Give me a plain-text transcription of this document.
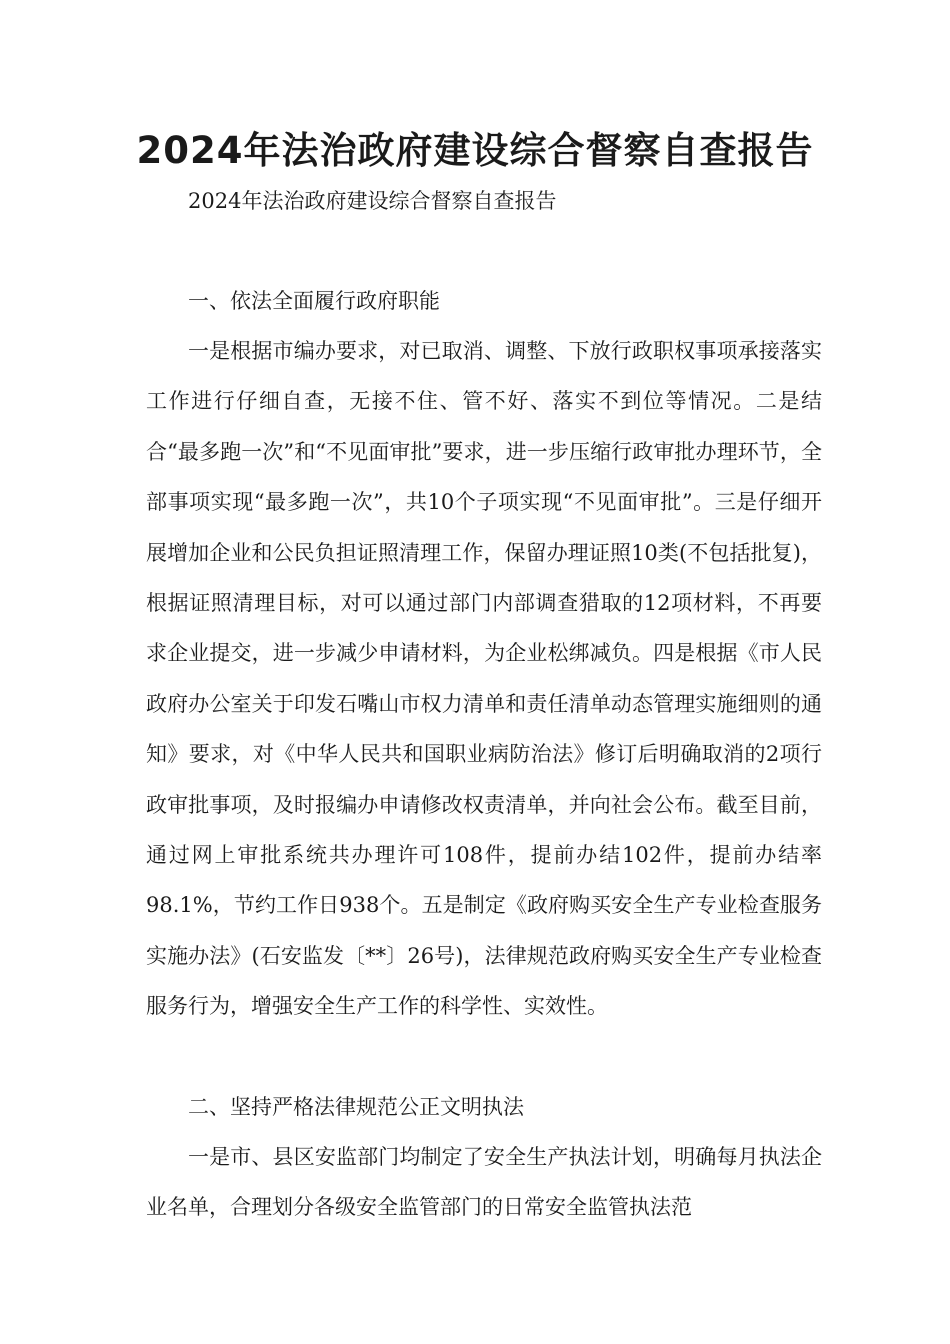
2024年法治政府建设综合督察自查报告

2024年法治政府建设综合督察自查报告

一、依法全面履行政府职能

一是根据市编办要求，对已取消、调整、下放行政职权事项承接落实工作进行仔细自查，无接不住、管不好、落实不到位等情况。二是结合“最多跑一次”和“不见面审批”要求，进一步压缩行政审批办理环节，全部事项实现“最多跑一次”，共10个子项实现“不见面审批”。三是仔细开展增加企业和公民负担证照清理工作，保留办理证照10类(不包括批复)，根据证照清理目标，对可以通过部门内部调查猎取的12项材料，不再要求企业提交，进一步减少申请材料，为企业松绑减负。四是根据《市人民政府办公室关于印发石嘴山市权力清单和责任清单动态管理实施细则的通知》要求，对《中华人民共和国职业病防治法》修订后明确取消的2项行政审批事项，及时报编办申请修改权责清单，并向社会公布。截至目前，通过网上审批系统共办理许可108件，提前办结102件，提前办结率98.1%，节约工作日938个。五是制定《政府购买安全生产专业检查服务实施办法》(石安监发〔**〕26号)，法律规范政府购买安全生产专业检查服务行为，增强安全生产工作的科学性、实效性。

二、坚持严格法律规范公正文明执法

一是市、县区安监部门均制定了安全生产执法计划，明确每月执法企业名单，合理划分各级安全监管部门的日常安全监管执法范
